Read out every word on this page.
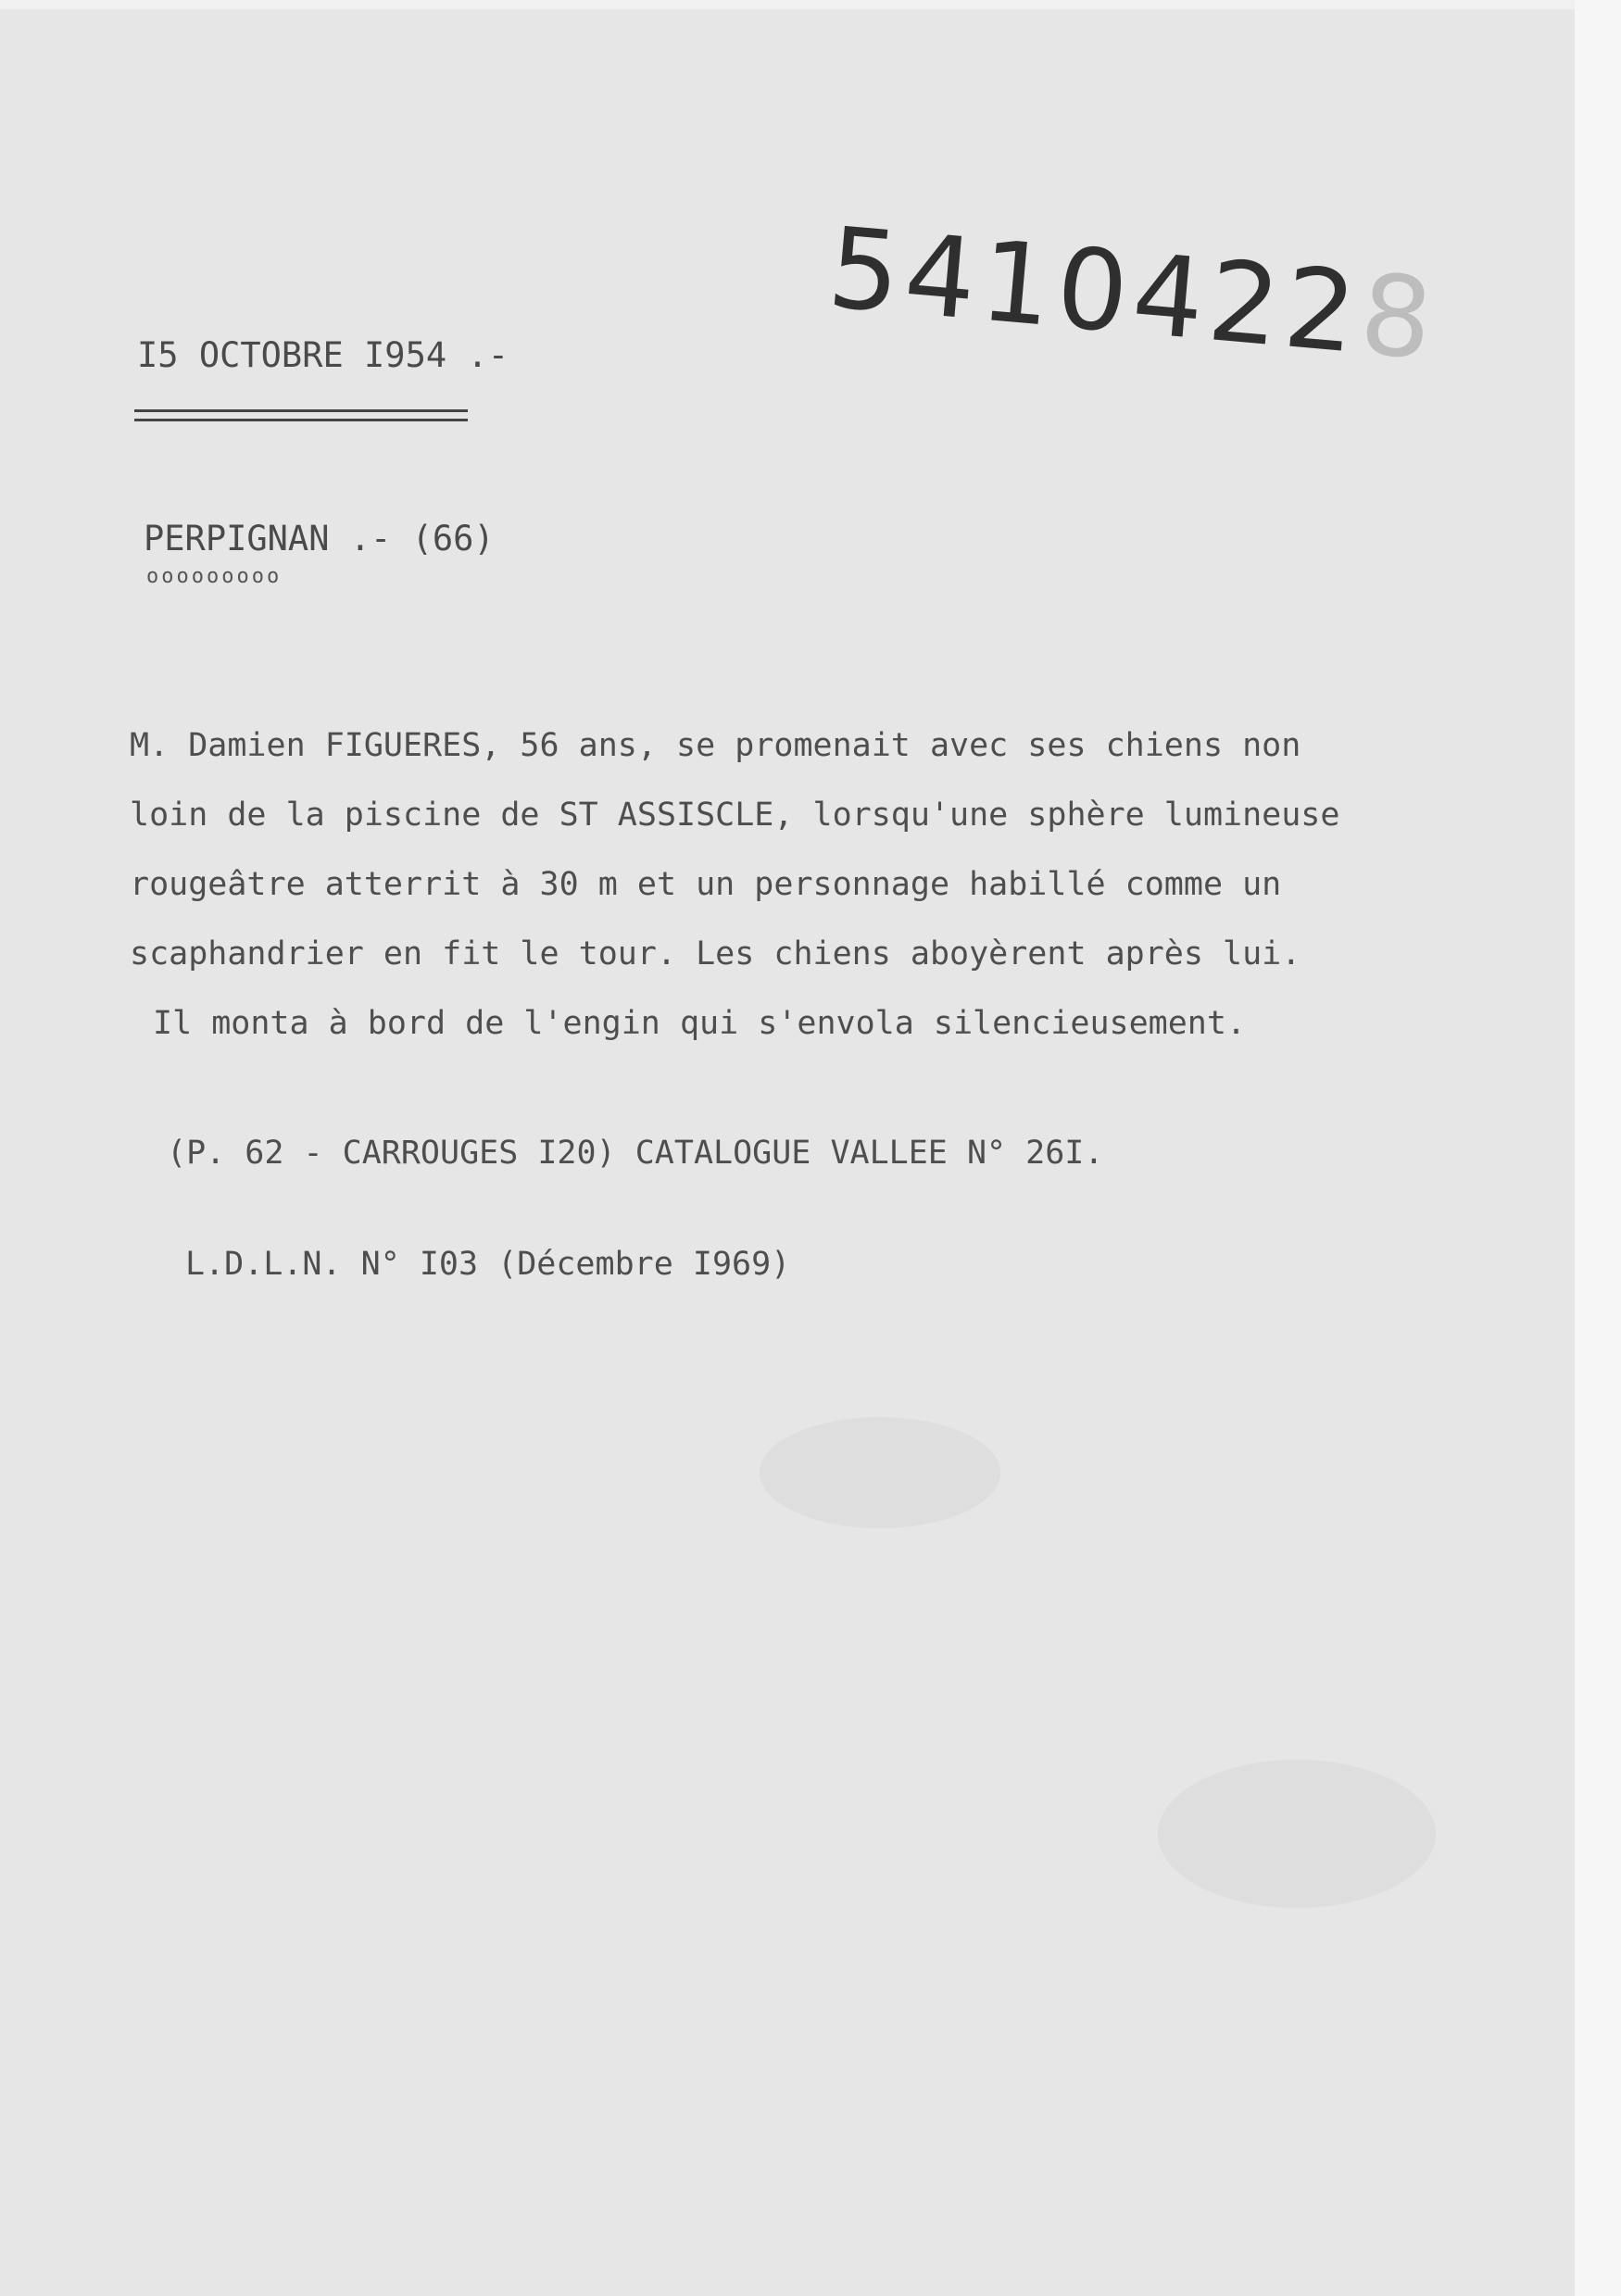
54104228

I5 OCTOBRE I954 .-

PERPIGNAN .- (66)

ooooooooo

M. Damien FIGUERES, 56 ans, se promenait avec ses chiens non

loin de la piscine de ST ASSISCLE, lorsqu'une sphère lumineuse

rougeâtre atterrit à 30 m et un personnage habillé comme un

scaphandrier en fit le tour. Les chiens aboyèrent après lui.

Il monta à bord de l'engin qui s'envola silencieusement.

(P. 62 - CARROUGES I20) CATALOGUE VALLEE N° 26I.

L.D.L.N. N° I03 (Décembre I969)
